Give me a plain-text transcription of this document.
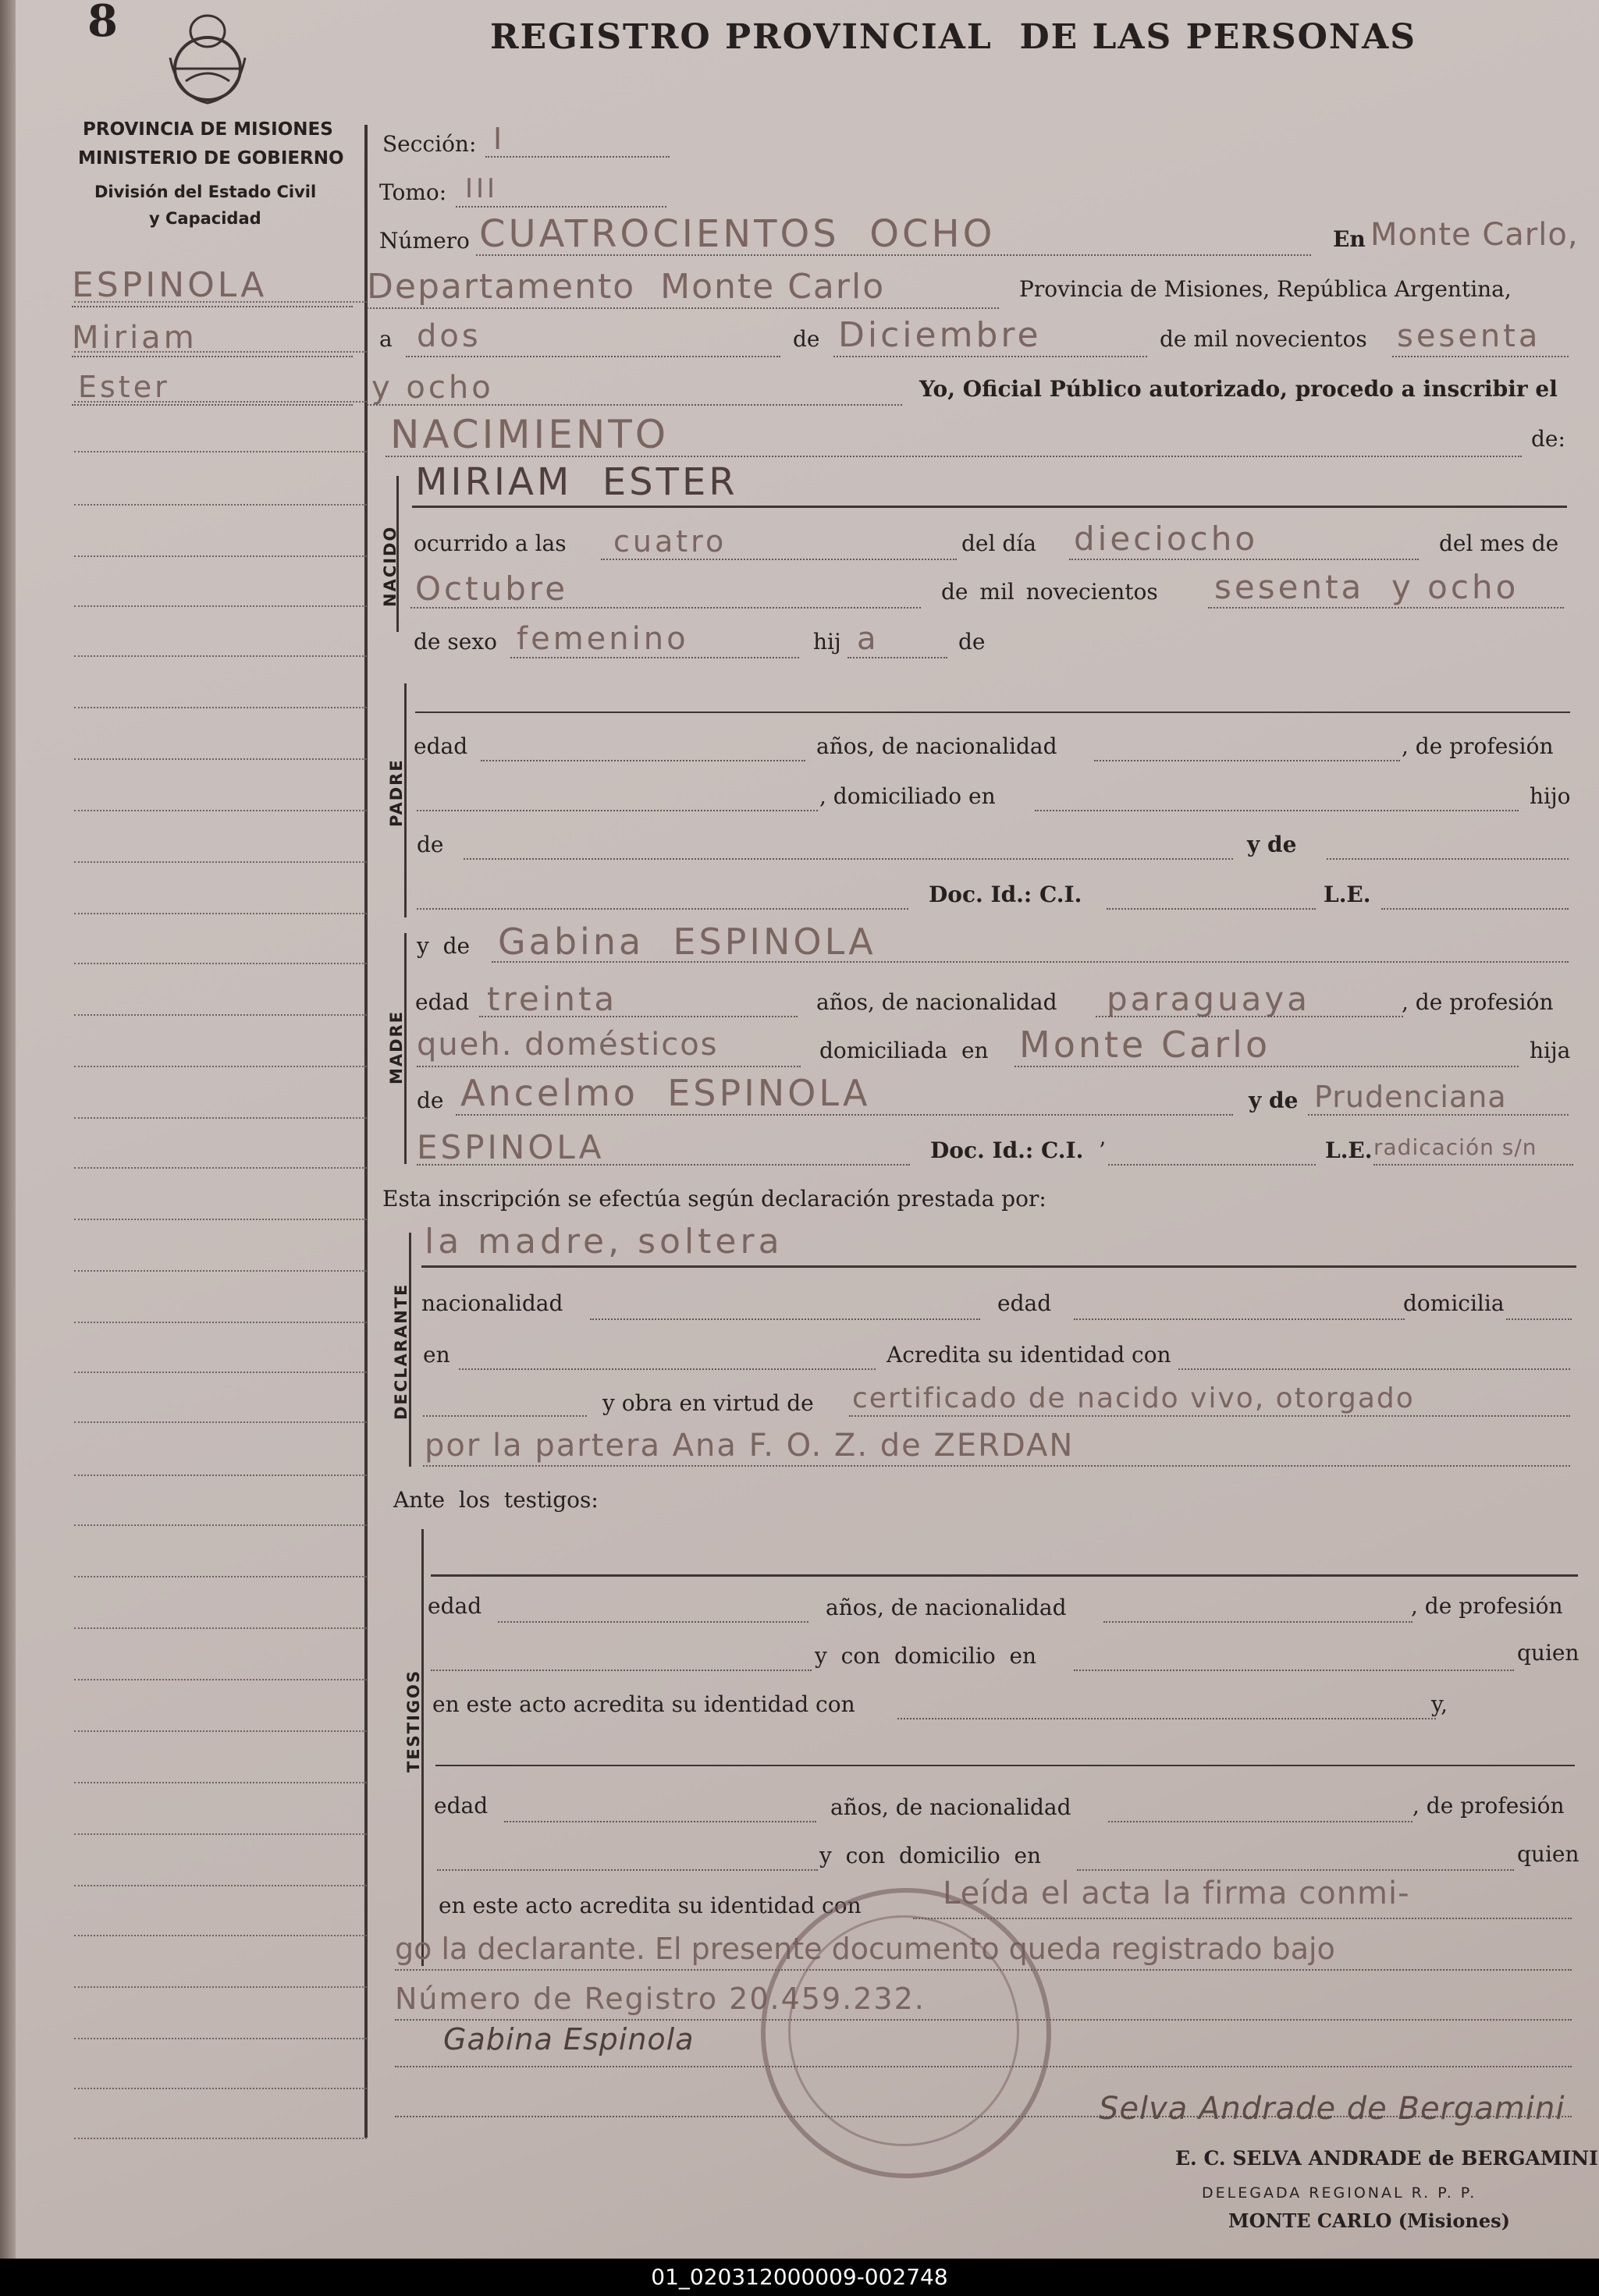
8	REGISTRO PROVINCIAL  DE LAS PERSONAS
PROVINCIA DE MISIONES
MINISTERIO DE GOBIERNO
División del Estado Civil
y Capacidad
ESPINOLA
Miriam
Ester
Sección: I
Tomo: III
Número CUATROCIENTOS  OCHO	En Monte Carlo,
Departamento  Monte Carlo	Provincia de Misiones, República Argentina,
a dos	de Diciembre	de mil novecientos sesenta
y ocho	Yo, Oficial Público autorizado, procedo a inscribir el
NACIMIENTO	de:
NACIDO
MIRIAM  ESTER
ocurrido a las cuatro	del día dieciocho	del mes de
Octubre	de mil novecientos sesenta  y ocho
de sexo femenino	hij a	de
PADRE
edad	años, de nacionalidad	, de profesión
, domiciliado en	hijo
de	y de
Doc. Id.: C.I.	L.E.
MADRE
y  de Gabina  ESPINOLA
edad treinta	años, de nacionalidad paraguaya	, de profesión
queh. domésticos	domiciliada  en Monte Carlo	hija
de Ancelmo  ESPINOLA	y de Prudenciana
ESPINOLA	Doc. Id.: C.I. ’	L.E. radicación s/n
Esta inscripción se efectúa según declaración prestada por:
DECLARANTE
la madre, soltera
nacionalidad	edad	domicilia
en	Acredita su identidad con
y obra en virtud de certificado de nacido vivo, otorgado
por la partera Ana F. O. Z. de ZERDAN
Ante  los  testigos:
TESTIGOS
edad	años, de nacionalidad	, de profesión
y  con  domicilio  en	quien
en este acto acredita su identidad con	y,
edad	años, de nacionalidad	, de profesión
y  con  domicilio  en	quien
en este acto acredita su identidad con	Leída el acta la firma conmi-
go la declarante. El presente documento queda registrado bajo
Número de Registro 20.459.232.
Gabina Espinola
Selva Andrade de Bergamini
E. C. SELVA ANDRADE de BERGAMINI
DELEGADA REGIONAL R. P. P.
MONTE CARLO (Misiones)
01_020312000009-002748
